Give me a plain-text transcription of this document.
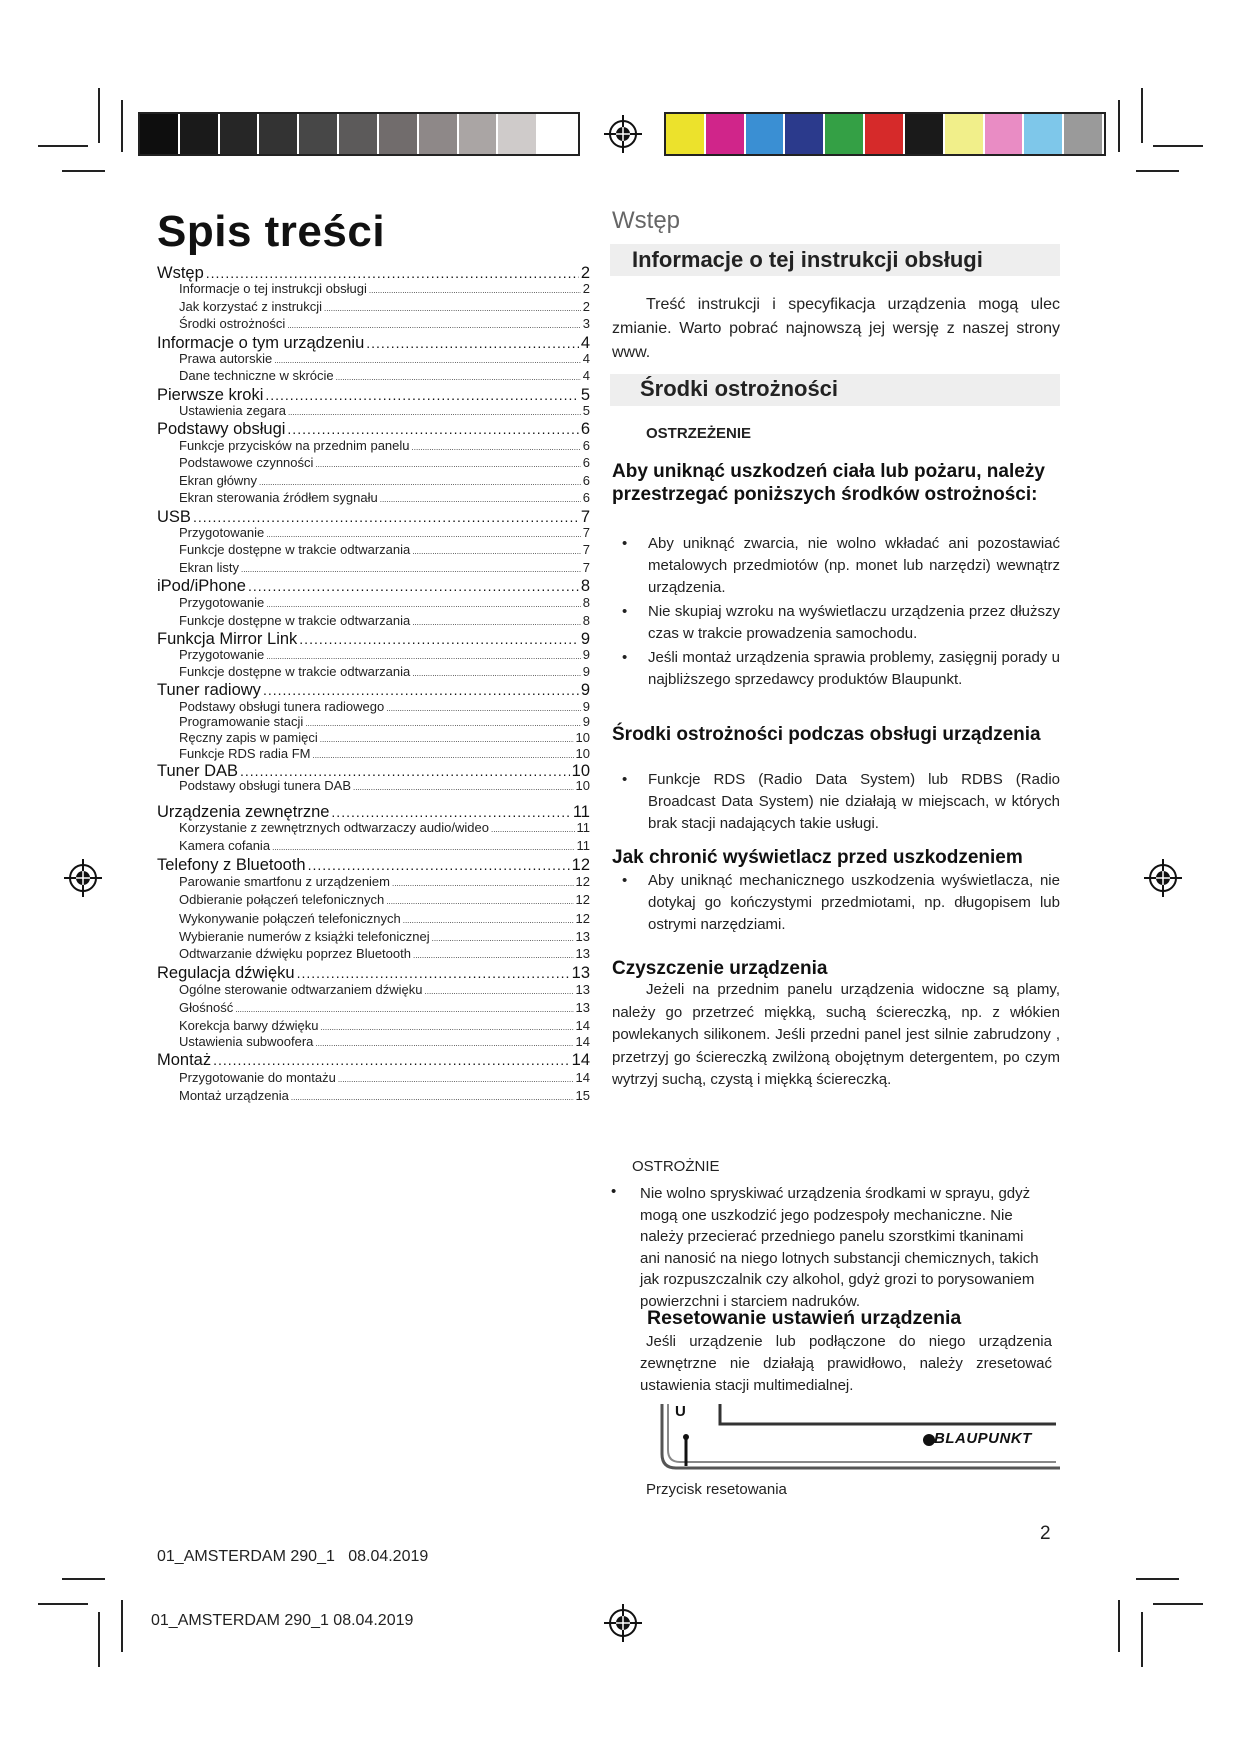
Spis treści
Wstęp .....	2
Informacje o tej instrukcji obsługi .....	2
Jak korzystać z instrukcji .....	2
Środki ostrożności .....	3
Informacje o tym urządzeniu .....	4
Prawa autorskie .....	4
Dane techniczne w skrócie .....	4
Pierwsze kroki .....	5
Ustawienia zegara .....	5
Podstawy obsługi .....	6
Funkcje przycisków na przednim panelu .....	6
Podstawowe czynności .....	6
Ekran główny .....	6
Ekran sterowania źródłem sygnału .....	6
USB .....	7
Przygotowanie .....	7
Funkcje dostępne w trakcie odtwarzania .....	7
Ekran listy .....	7
iPod/iPhone .....	8
Przygotowanie .....	8
Funkcje dostępne w trakcie odtwarzania .....	8
Funkcja Mirror Link .....	9
Przygotowanie .....	9
Funkcje dostępne w trakcie odtwarzania .....	9
Tuner radiowy .....	9
Podstawy obsługi tunera radiowego .....	9
Programowanie stacji .....	9
Ręczny zapis w pamięci .....	10
Funkcje RDS radia FM .....	10
Tuner DAB .....	10
Podstawy obsługi tunera DAB .....	10
Urządzenia zewnętrzne .....	11
Korzystanie z zewnętrznych odtwarzaczy audio/wideo .....	11
Kamera cofania .....	11
Telefony z Bluetooth .....	12
Parowanie smartfonu z urządzeniem .....	12
Odbieranie połączeń telefonicznych .....	12
Wykonywanie połączeń telefonicznych .....	12
Wybieranie numerów z książki telefonicznej .....	13
Odtwarzanie dźwięku poprzez Bluetooth .....	13
Regulacja dźwięku .....	13
Ogólne sterowanie odtwarzaniem dźwięku .....	13
Głośność .....	13
Korekcja barwy dźwięku .....	14
Ustawienia subwoofera .....	14
Montaż .....	14
Przygotowanie do montażu .....	14
Montaż urządzenia .....	15
Wstęp
Informacje o tej instrukcji obsługi
Treść instrukcji i specyfikacja urządzenia mogą ulec zmianie. Warto pobrać najnowszą jej wersję z naszej strony www.
Środki ostrożności
OSTRZEŻENIE
Aby uniknąć uszkodzeń ciała lub pożaru, należy przestrzegać poniższych środków ostrożności:
• Aby uniknąć zwarcia, nie wolno wkładać ani pozostawiać metalowych przedmiotów (np. monet lub narzędzi) wewnątrz urządzenia.
• Nie skupiaj wzroku na wyświetlaczu urządzenia przez dłuższy czas w trakcie prowadzenia samochodu.
• Jeśli montaż urządzenia sprawia problemy, zasięgnij porady u najbliższego sprzedawcy produktów Blaupunkt.
Środki ostrożności podczas obsługi urządzenia
• Funkcje RDS (Radio Data System) lub RDBS (Radio Broadcast Data System) nie działają w miejscach, w których brak stacji nadających takie usługi.
Jak chronić wyświetlacz przed uszkodzeniem
• Aby uniknąć mechanicznego uszkodzenia wyświetlacza, nie dotykaj go kończystymi przedmiotami, np. długopisem lub ostrymi narzędziami.
Czyszczenie urządzenia
Jeżeli na przednim panelu urządzenia widoczne są plamy, należy go przetrzeć miękką, suchą ściereczką, np. z włókien powlekanych silikonem. Jeśli przedni panel jest silnie zabrudzony , przetrzyj go ściereczką zwilżoną obojętnym detergentem, po czym wytrzyj suchą, czystą i miękką ściereczką.
OSTROŻNIE
• Nie wolno spryskiwać urządzenia środkami w sprayu, gdyż mogą one uszkodzić jego podzespoły mechaniczne. Nie należy przecierać przedniego panelu szorstkimi tkaninami ani nanosić na niego lotnych substancji chemicznych, takich jak rozpuszczalnik czy alkohol, gdyż grozi to porysowaniem powierzchni i starciem nadruków.
Resetowanie ustawień urządzenia
Jeśli urządzenie lub podłączone do niego urządzenia zewnętrzne nie działają prawidłowo, należy zresetować ustawienia stacji multimedialnej.
U
BLAUPUNKT
Przycisk resetowania
2
01_AMSTERDAM 290_1   08.04.2019
01_AMSTERDAM 290_1 08.04.2019
